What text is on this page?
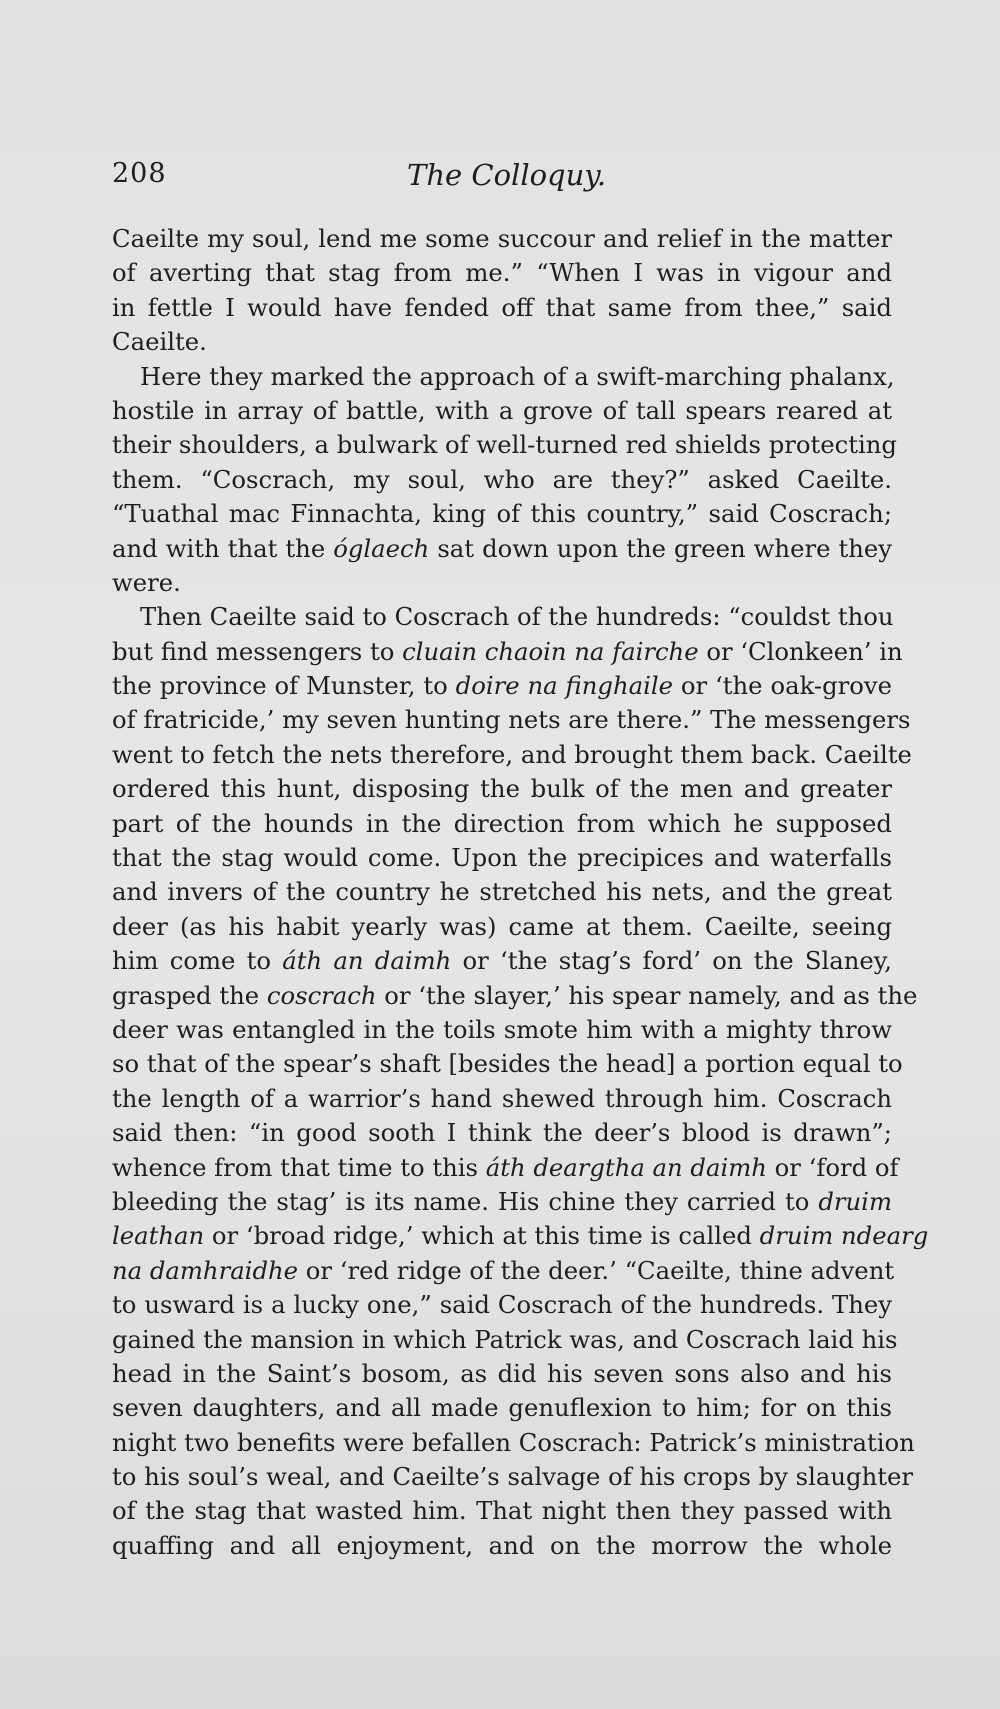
208	The Colloquy.
Caeilte my soul, lend me some succour and relief in the matter
of averting that stag from me.” “When I was in vigour and
in fettle I would have fended off that same from thee,” said
Caeilte.
Here they marked the approach of a swift-marching phalanx,
hostile in array of battle, with a grove of tall spears reared at
their shoulders, a bulwark of well-turned red shields protecting
them. “Coscrach, my soul, who are they?” asked Caeilte.
“Tuathal mac Finnachta, king of this country,” said Coscrach;
and with that the óglaech sat down upon the green where they
were.
Then Caeilte said to Coscrach of the hundreds: “couldst thou
but find messengers to cluain chaoin na fairche or ‘Clonkeen’ in
the province of Munster, to doire na finghaile or ‘the oak-grove
of fratricide,’ my seven hunting nets are there.” The messengers
went to fetch the nets therefore, and brought them back. Caeilte
ordered this hunt, disposing the bulk of the men and greater
part of the hounds in the direction from which he supposed
that the stag would come. Upon the precipices and waterfalls
and invers of the country he stretched his nets, and the great
deer (as his habit yearly was) came at them. Caeilte, seeing
him come to áth an daimh or ‘the stag’s ford’ on the Slaney,
grasped the coscrach or ‘the slayer,’ his spear namely, and as the
deer was entangled in the toils smote him with a mighty throw
so that of the spear’s shaft [besides the head] a portion equal to
the length of a warrior’s hand shewed through him. Coscrach
said then: “in good sooth I think the deer’s blood is drawn”;
whence from that time to this áth deargtha an daimh or ‘ford of
bleeding the stag’ is its name. His chine they carried to druim
leathan or ‘broad ridge,’ which at this time is called druim ndearg
na damhraidhe or ‘red ridge of the deer.’ “Caeilte, thine advent
to usward is a lucky one,” said Coscrach of the hundreds. They
gained the mansion in which Patrick was, and Coscrach laid his
head in the Saint’s bosom, as did his seven sons also and his
seven daughters, and all made genuflexion to him; for on this
night two benefits were befallen Coscrach: Patrick’s ministration
to his soul’s weal, and Caeilte’s salvage of his crops by slaughter
of the stag that wasted him. That night then they passed with
quaffing and all enjoyment, and on the morrow the whole
